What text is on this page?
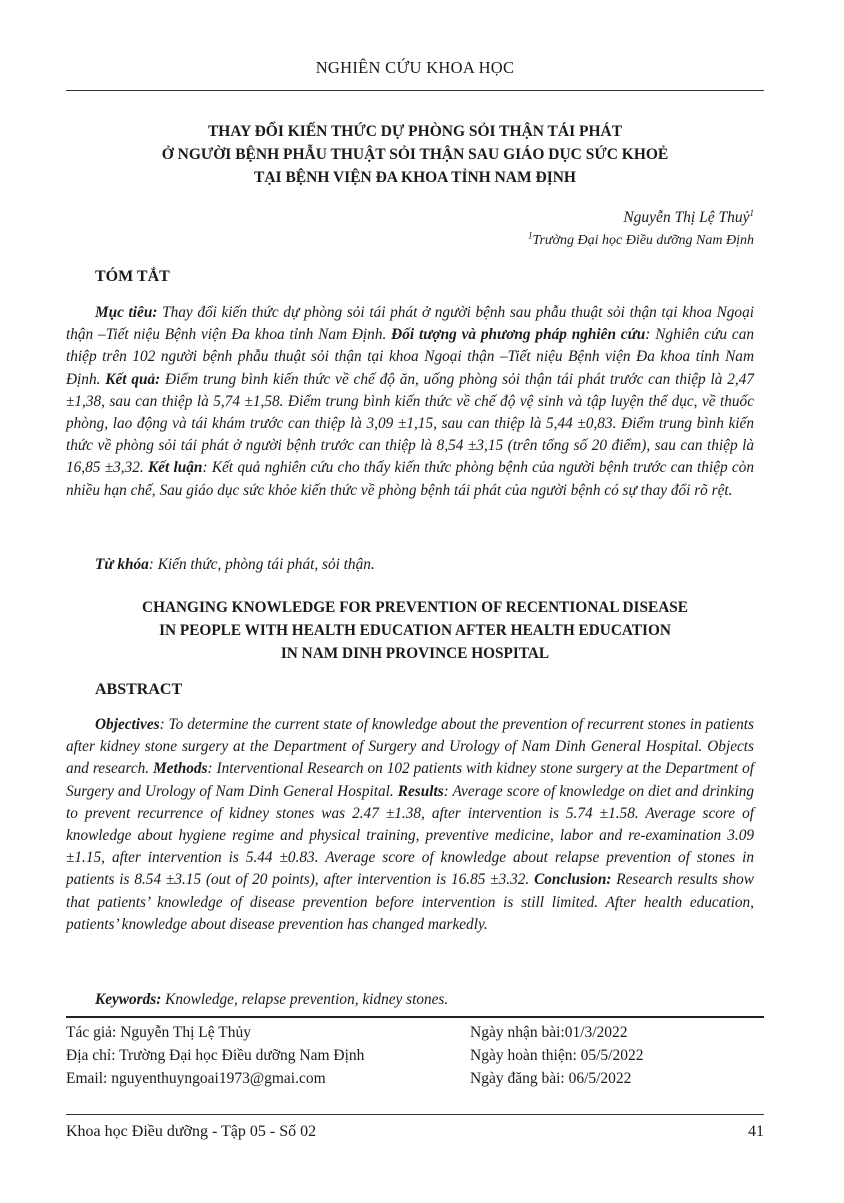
NGHIÊN CỨU KHOA HỌC
THAY ĐỔI KIẾN THỨC DỰ PHÒNG SỎI THẬN TÁI PHÁT
Ở NGƯỜI BỆNH PHẪU THUẬT SỎI THẬN SAU GIÁO DỤC SỨC KHOẺ
TẠI BỆNH VIỆN ĐA KHOA TỈNH NAM ĐỊNH
Nguyễn Thị Lệ Thuỷ$^1$
$^1$Trường Đại học Điều dưỡng Nam Định
TÓM TẮT
Mục tiêu: Thay đổi kiến thức dự phòng sỏi tái phát ở người bệnh sau phẫu thuật sỏi thận tại khoa Ngoại thận –Tiết niệu Bệnh viện Đa khoa tỉnh Nam Định. Đối tượng và phương pháp nghiên cứu: Nghiên cứu can thiệp trên 102 người bệnh phẫu thuật sỏi thận tại khoa Ngoại thận –Tiết niệu Bệnh viện Đa khoa tỉnh Nam Định. Kết quả: Điểm trung bình kiến thức về chế độ ăn, uống phòng sỏi thận tái phát trước can thiệp là 2,47 ±1,38, sau can thiệp là 5,74 ±1,58. Điểm trung bình kiến thức về chế độ vệ sinh và tập luyện thể dục, về thuốc phòng, lao động và tái khám trước can thiệp là 3,09 ±1,15, sau can thiệp là 5,44 ±0,83. Điểm trung bình kiến thức về phòng sỏi tái phát ở người bệnh trước can thiệp là 8,54 ±3,15 (trên tổng số 20 điểm), sau can thiệp là 16,85 ±3,32. Kết luận: Kết quả nghiên cứu cho thấy kiến thức phòng bệnh của người bệnh trước can thiệp còn nhiều hạn chế, Sau giáo dục sức khỏe kiến thức về phòng bệnh tái phát của người bệnh có sự thay đổi rõ rệt.
Từ khóa: Kiến thức, phòng tái phát, sỏi thận.
CHANGING KNOWLEDGE FOR PREVENTION OF RECENTIONAL DISEASE
IN PEOPLE WITH HEALTH EDUCATION AFTER HEALTH EDUCATION
IN NAM DINH PROVINCE HOSPITAL
ABSTRACT
Objectives: To determine the current state of knowledge about the prevention of recurrent stones in patients after kidney stone surgery at the Department of Surgery and Urology of Nam Dinh General Hospital. Objects and research. Methods: Interventional Research on 102 patients with kidney stone surgery at the Department of Surgery and Urology of Nam Dinh General Hospital. Results: Average score of knowledge on diet and drinking to prevent recurrence of kidney stones was 2.47 ±1.38, after intervention is 5.74 ±1.58. Average score of knowledge about hygiene regime and physical training, preventive medicine, labor and re-examination 3.09 ±1.15, after intervention is 5.44 ±0.83. Average score of knowledge about relapse prevention of stones in patients is 8.54 ±3.15 (out of 20 points), after intervention is 16.85 ±3.32. Conclusion: Research results show that patients’ knowledge of disease prevention before intervention is still limited. After health education, patients’ knowledge about disease prevention has changed markedly.
Keywords: Knowledge, relapse prevention, kidney stones.
Tác giả: Nguyễn Thị Lệ Thủy
Địa chỉ: Trường Đại học Điều dưỡng Nam Định
Email: nguyenthuyngoai1973@gmai.com
Ngày nhận bài:01/3/2022
Ngày hoàn thiện: 05/5/2022
Ngày đăng bài: 06/5/2022
Khoa học Điều dưỡng - Tập 05 - Số 02	41
